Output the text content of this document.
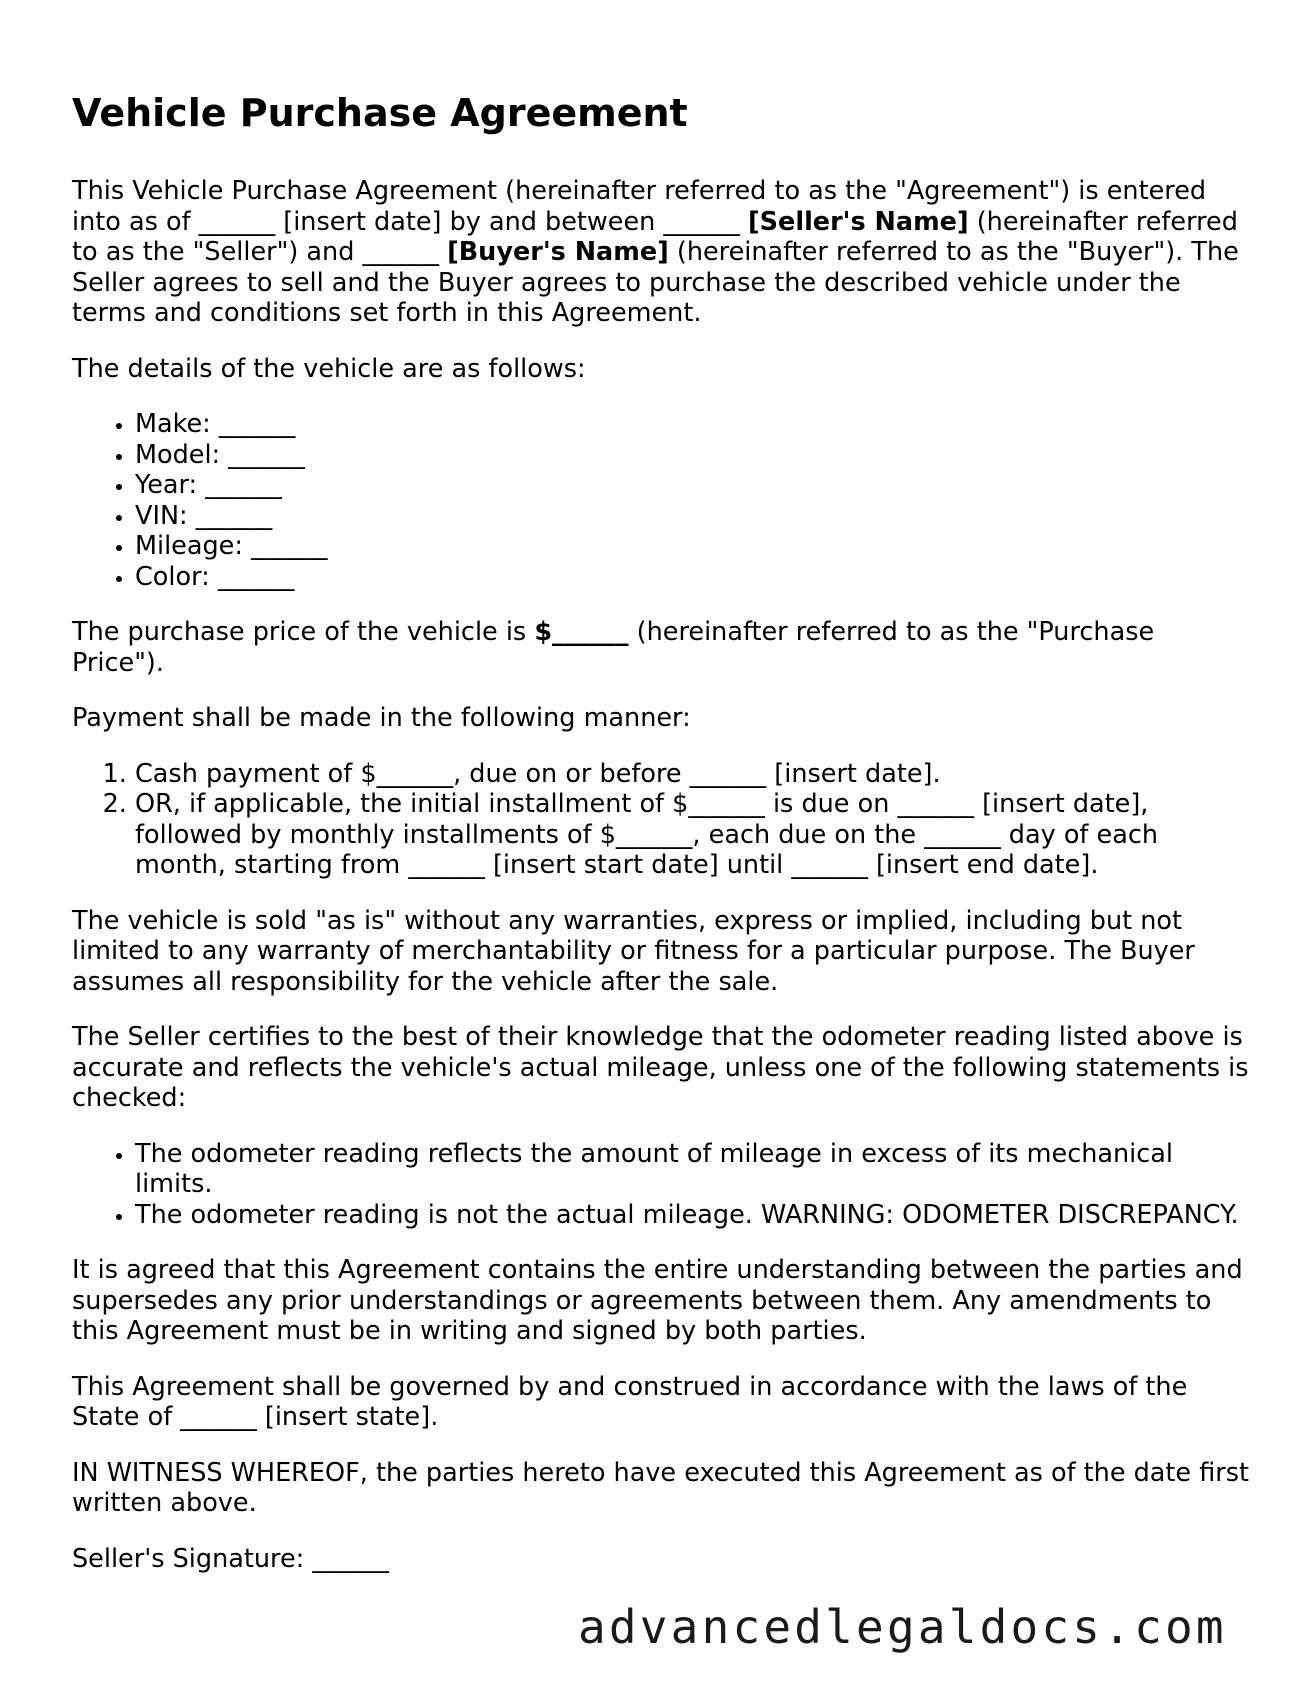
Vehicle Purchase Agreement

This Vehicle Purchase Agreement (hereinafter referred to as the "Agreement") is entered into as of ______ [insert date] by and between ______ [Seller's Name] (hereinafter referred to as the "Seller") and ______ [Buyer's Name] (hereinafter referred to as the "Buyer"). The Seller agrees to sell and the Buyer agrees to purchase the described vehicle under the terms and conditions set forth in this Agreement.

The details of the vehicle are as follows:

• Make: ______
• Model: ______
• Year: ______
• VIN: ______
• Mileage: ______
• Color: ______

The purchase price of the vehicle is $______ (hereinafter referred to as the "Purchase Price").

Payment shall be made in the following manner:

1. Cash payment of $______, due on or before ______ [insert date].
2. OR, if applicable, the initial installment of $______ is due on ______ [insert date], followed by monthly installments of $______, each due on the ______ day of each month, starting from ______ [insert start date] until ______ [insert end date].

The vehicle is sold "as is" without any warranties, express or implied, including but not limited to any warranty of merchantability or fitness for a particular purpose. The Buyer assumes all responsibility for the vehicle after the sale.

The Seller certifies to the best of their knowledge that the odometer reading listed above is accurate and reflects the vehicle's actual mileage, unless one of the following statements is checked:

• The odometer reading reflects the amount of mileage in excess of its mechanical limits.
• The odometer reading is not the actual mileage. WARNING: ODOMETER DISCREPANCY.

It is agreed that this Agreement contains the entire understanding between the parties and supersedes any prior understandings or agreements between them. Any amendments to this Agreement must be in writing and signed by both parties.

This Agreement shall be governed by and construed in accordance with the laws of the State of ______ [insert state].

IN WITNESS WHEREOF, the parties hereto have executed this Agreement as of the date first written above.

Seller's Signature: ______

advancedlegaldocs.com
